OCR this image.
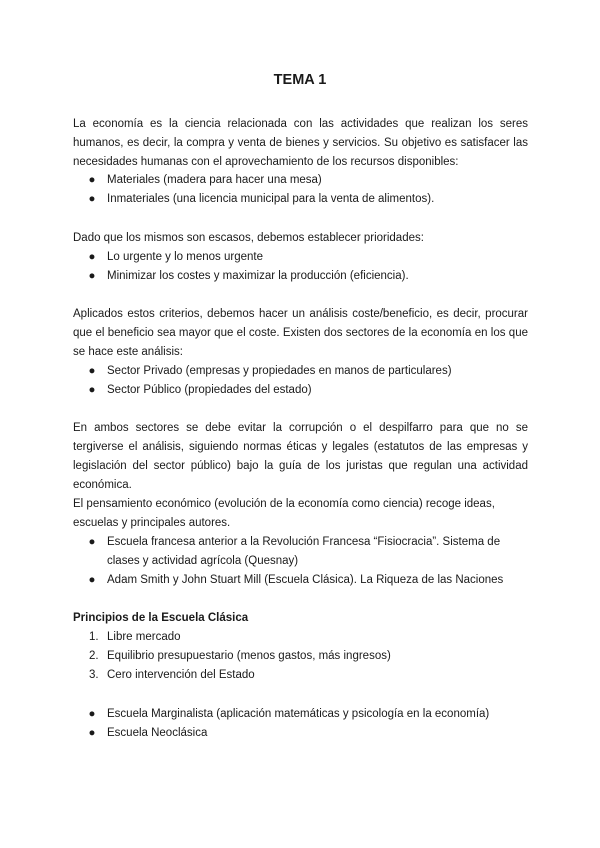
TEMA 1

La economía es la ciencia relacionada con las actividades que realizan los seres humanos, es decir, la compra y venta de bienes y servicios. Su objetivo es satisfacer las necesidades humanas con el aprovechamiento de los recursos disponibles:

● Materiales (madera para hacer una mesa)
● Inmateriales (una licencia municipal para la venta de alimentos).

Dado que los mismos son escasos, debemos establecer prioridades:

● Lo urgente y lo menos urgente
● Minimizar los costes y maximizar la producción (eficiencia).

Aplicados estos criterios, debemos hacer un análisis coste/beneficio, es decir, procurar que el beneficio sea mayor que el coste. Existen dos sectores de la economía en los que se hace este análisis:

● Sector Privado (empresas y propiedades en manos de particulares)
● Sector Público (propiedades del estado)

En ambos sectores se debe evitar la corrupción o el despilfarro para que no se tergiverse el análisis, siguiendo normas éticas y legales (estatutos de las empresas y legislación del sector público) bajo la guía de los juristas que regulan una actividad económica.

El pensamiento económico (evolución de la economía como ciencia) recoge ideas, escuelas y principales autores.

● Escuela francesa anterior a la Revolución Francesa “Fisiocracia”. Sistema de clases y actividad agrícola (Quesnay)
● Adam Smith y John Stuart Mill (Escuela Clásica). La Riqueza de las Naciones
Principios de la Escuela Clásica
1. Libre mercado
2. Equilibrio presupuestario (menos gastos, más ingresos)
3. Cero intervención del Estado
● Escuela Marginalista (aplicación matemáticas y psicología en la economía)
● Escuela Neoclásica
